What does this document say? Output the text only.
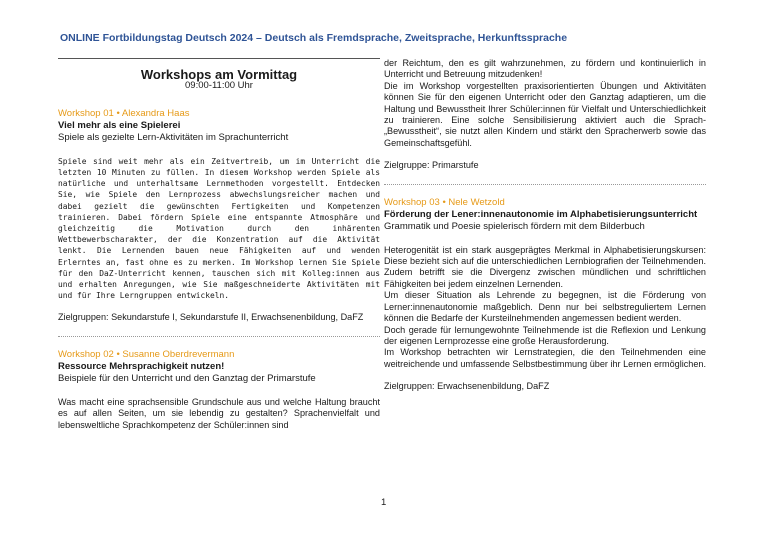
ONLINE Fortbildungstag Deutsch 2024 – Deutsch als Fremdsprache, Zweitsprache, Herkunftssprache
Workshops am Vormittag
09:00-11:00 Uhr
Workshop 01 • Alexandra Haas
Viel mehr als eine Spielerei
Spiele als gezielte Lern-Aktivitäten im Sprachunterricht

Spiele sind weit mehr als ein Zeitvertreib, um im Unterricht die letzten 10 Minuten zu füllen. In diesem Workshop werden Spiele als natürliche und unterhaltsame Lernmethoden vorgestellt. Entdecken Sie, wie Spiele den Lernprozess abwechslungsreicher machen und dabei gezielt die gewünschten Fertigkeiten und Kompetenzen trainieren. Dabei fördern Spiele eine entspannte Atmosphäre und gleichzeitig die Motivation durch den inhärenten Wettbewerbscharakter, der die Konzentration auf die Aktivität lenkt. Die Lernenden bauen neue Fähigkeiten auf und wenden Erlerntes an, fast ohne es zu merken. Im Workshop lernen Sie Spiele für den DaZ-Unterricht kennen, tauschen sich mit Kolleg:innen aus und erhalten Anregungen, wie Sie maßgeschneiderte Aktivitäten mit und für Ihre Lerngruppen entwickeln.

Zielgruppen: Sekundarstufe I, Sekundarstufe II, Erwachsenenbildung, DaFZ
Workshop 02 • Susanne Oberdrevermann
Ressource Mehrsprachigkeit nutzen!
Beispiele für den Unterricht und den Ganztag der Primarstufe

Was macht eine sprachsensible Grundschule aus und welche Haltung braucht es auf allen Seiten, um sie lebendig zu gestalten? Sprachenvielfalt und lebensweltliche Sprachkompetenz der Schüler:innen sind

der Reichtum, den es gilt wahrzunehmen, zu fördern und kontinuierlich in Unterricht und Betreuung mitzudenken!

Die im Workshop vorgestellten praxisorientierten Übungen und Aktivitäten können Sie für den eigenen Unterricht oder den Ganztag adaptieren, um die Haltung und Bewusstheit Ihrer Schüler:innen für Vielfalt und Unterschiedlichkeit zu trainieren. Eine solche Sensibilisierung aktiviert auch die Sprach-„Bewusstheit“, sie nutzt allen Kindern und stärkt den Spracherwerb sowie das Gemeinschaftsgefühl.

Zielgruppe: Primarstufe
Workshop 03 • Nele Wetzold
Förderung der Lener:innenautonomie im Alphabetisierungsunterricht
Grammatik und Poesie spielerisch fördern mit dem Bilderbuch

Heterogenität ist ein stark ausgeprägtes Merkmal in Alphabetisierungskursen: Diese bezieht sich auf die unterschiedlichen Lernbiografien der Teilnehmenden. Zudem betrifft sie die Divergenz zwischen mündlichen und schriftlichen Fähigkeiten bei jedem einzelnen Lernenden.

Um dieser Situation als Lehrende zu begegnen, ist die Förderung von Lerner:innenautonomie maßgeblich. Denn nur bei selbstreguliertem Lernen können die Bedarfe der Kursteilnehmenden angemessen bedient werden.

Doch gerade für lernungewohnte Teilnehmende ist die Reflexion und Lenkung der eigenen Lernprozesse eine große Herausforderung.

Im Workshop betrachten wir Lernstrategien, die den Teilnehmenden eine weitreichende und umfassende Selbstbestimmung über ihr Lernen ermöglichen.

Zielgruppen: Erwachsenenbildung, DaFZ
1
